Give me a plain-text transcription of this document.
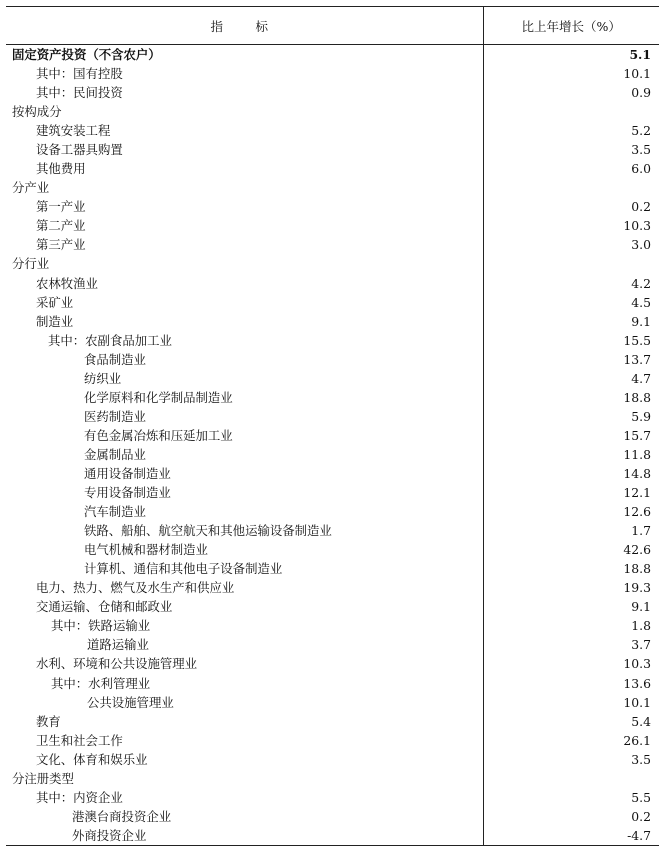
指　标	比上年增长（%）
固定资产投资（不含农户）	5.1
其中：国有控股	10.1
其中：民间投资	0.9
按构成分	
建筑安装工程	5.2
设备工器具购置	3.5
其他费用	6.0
分产业	
第一产业	0.2
第二产业	10.3
第三产业	3.0
分行业	
农林牧渔业	4.2
采矿业	4.5
制造业	9.1
其中：农副食品加工业	15.5
食品制造业	13.7
纺织业	4.7
化学原料和化学制品制造业	18.8
医药制造业	5.9
有色金属冶炼和压延加工业	15.7
金属制品业	11.8
通用设备制造业	14.8
专用设备制造业	12.1
汽车制造业	12.6
铁路、船舶、航空航天和其他运输设备制造业	1.7
电气机械和器材制造业	42.6
计算机、通信和其他电子设备制造业	18.8
电力、热力、燃气及水生产和供应业	19.3
交通运输、仓储和邮政业	9.1
其中：铁路运输业	1.8
道路运输业	3.7
水利、环境和公共设施管理业	10.3
其中：水利管理业	13.6
公共设施管理业	10.1
教育	5.4
卫生和社会工作	26.1
文化、体育和娱乐业	3.5
分注册类型	
其中：内资企业	5.5
港澳台商投资企业	0.2
外商投资企业	-4.7
